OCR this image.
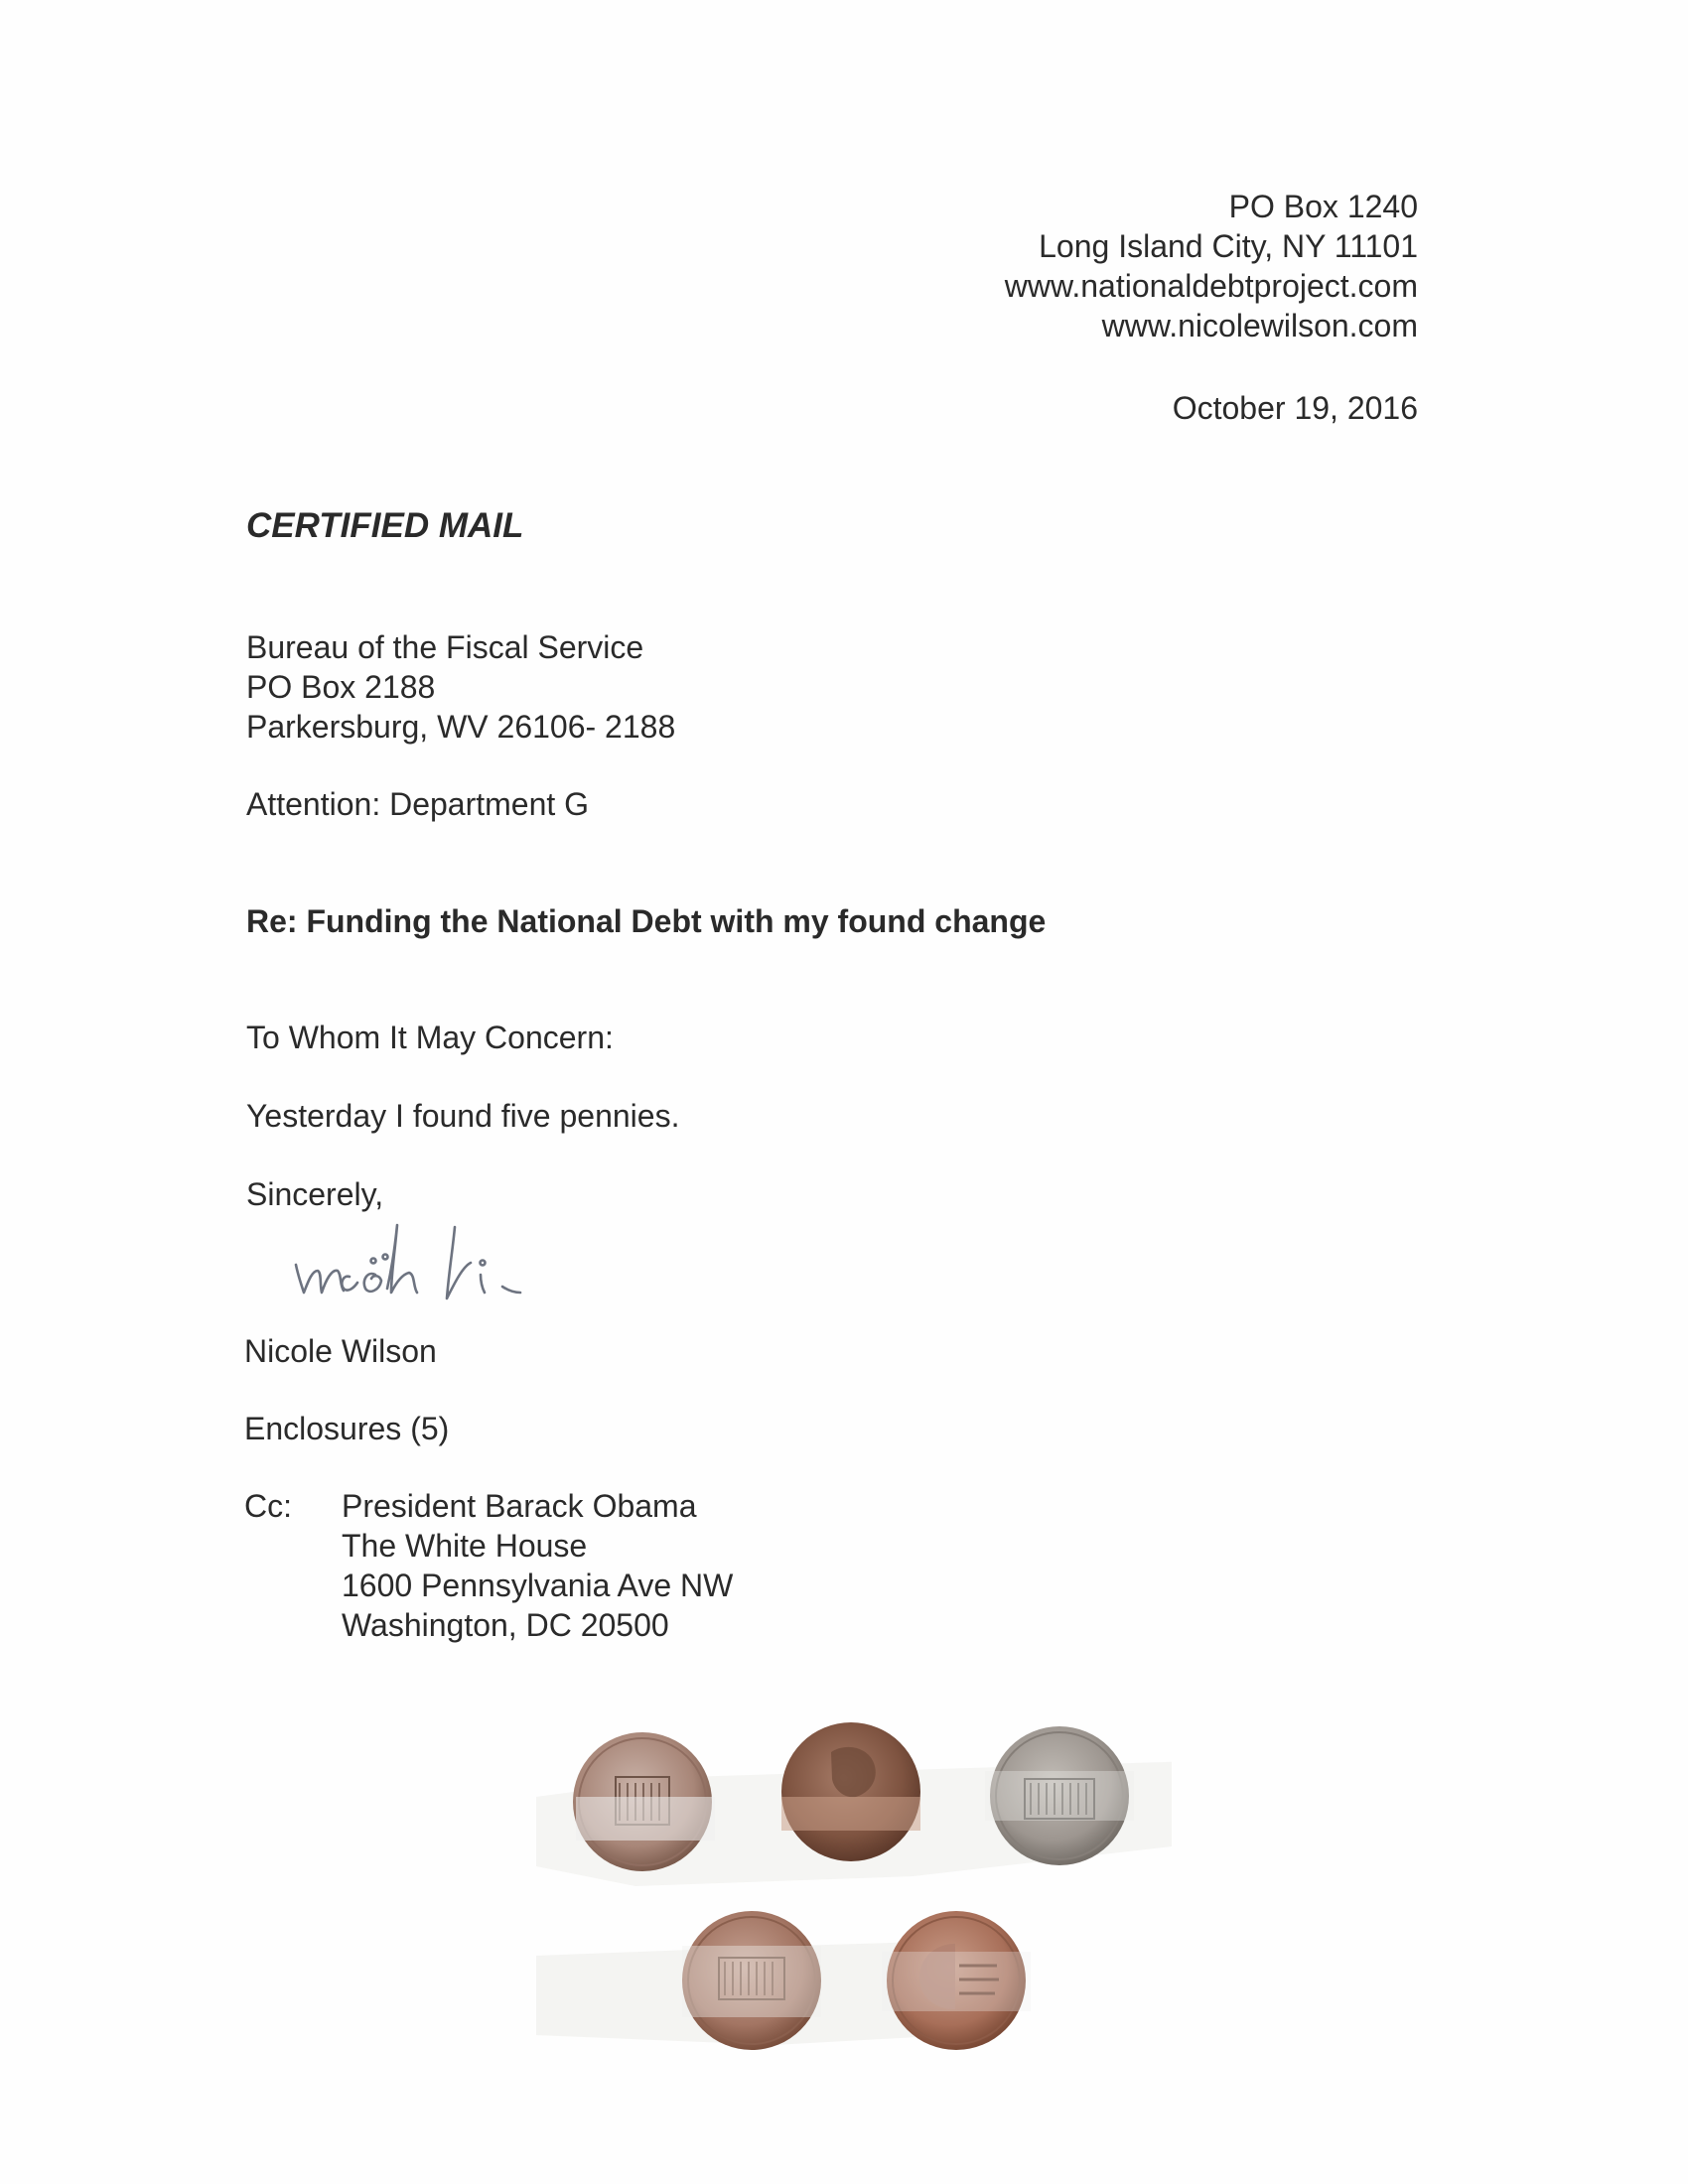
PO Box 1240
Long Island City, NY 11101
www.nationaldebtproject.com
www.nicolewilson.com
October 19, 2016
CERTIFIED MAIL
Bureau of the Fiscal Service
PO Box 2188
Parkersburg, WV 26106- 2188
Attention: Department G
Re: Funding the National Debt with my found change
To Whom It May Concern:
Yesterday I found five pennies.
Sincerely,
Nicole Wilson
Enclosures (5)
Cc: President Barack Obama
The White House
1600 Pennsylvania Ave NW
Washington, DC 20500
